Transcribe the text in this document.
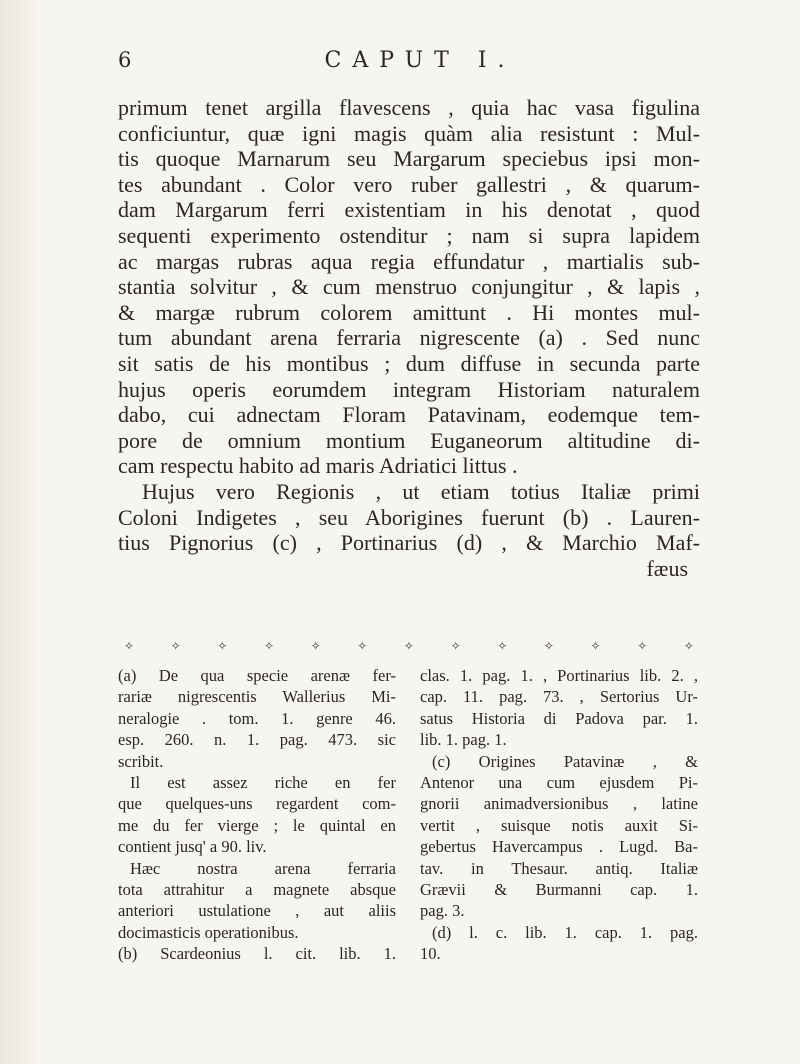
6	CAPUT I.
primum tenet argilla flavescens , quia hac vasa figulina
conficiuntur, quæ igni magis quàm alia resistunt : Mul-
tis quoque Marnarum seu Margarum speciebus ipsi mon-
tes abundant . Color vero ruber gallestri , & quarum-
dam Margarum ferri existentiam in his denotat , quod
sequenti experimento ostenditur ; nam si supra lapidem
ac margas rubras aqua regia effundatur , martialis sub-
stantia solvitur , & cum menstruo conjungitur , & lapis ,
& margæ rubrum colorem amittunt . Hi montes mul-
tum abundant arena ferraria nigrescente (a) . Sed nunc
sit satis de his montibus ; dum diffuse in secunda parte
hujus operis eorumdem integram Historiam naturalem
dabo, cui adnectam Floram Patavinam, eodemque tem-
pore de omnium montium Euganeorum altitudine di-
cam respectu habito ad maris Adriatici littus .
Hujus vero Regionis , ut etiam totius Italiæ primi
Coloni Indigetes , seu Aborigines fuerunt (b) . Lauren-
tius Pignorius (c) , Portinarius (d) , & Marchio Maf-
fæus
✧	✧	✧	✧	✧	✧	✧	✧	✧	✧	✧	✧	✧
(a) De qua specie arenæ fer-
rariæ nigrescentis Wallerius Mi-
neralogie . tom. 1. genre 46.
esp. 260. n. 1. pag. 473. sic
scribit.
Il est assez riche en fer
que quelques-uns regardent com-
me du fer vierge ; le quintal en
contient jusq' a 90. liv.
Hæc nostra arena ferraria
tota attrahitur a magnete absque
anteriori ustulatione , aut aliis
docimasticis operationibus.
(b) Scardeonius l. cit. lib. 1.
clas. 1. pag. 1. , Portinarius lib. 2. ,
cap. 11. pag. 73. , Sertorius Ur-
satus Historia di Padova par. 1.
lib. 1. pag. 1.
(c) Origines Patavinæ , &
Antenor una cum ejusdem Pi-
gnorii animadversionibus , latine
vertit , suisque notis auxit Si-
gebertus Havercampus . Lugd. Ba-
tav. in Thesaur. antiq. Italiæ
Grævii & Burmanni cap. 1.
pag. 3.
(d) l. c. lib. 1. cap. 1. pag.
10.
